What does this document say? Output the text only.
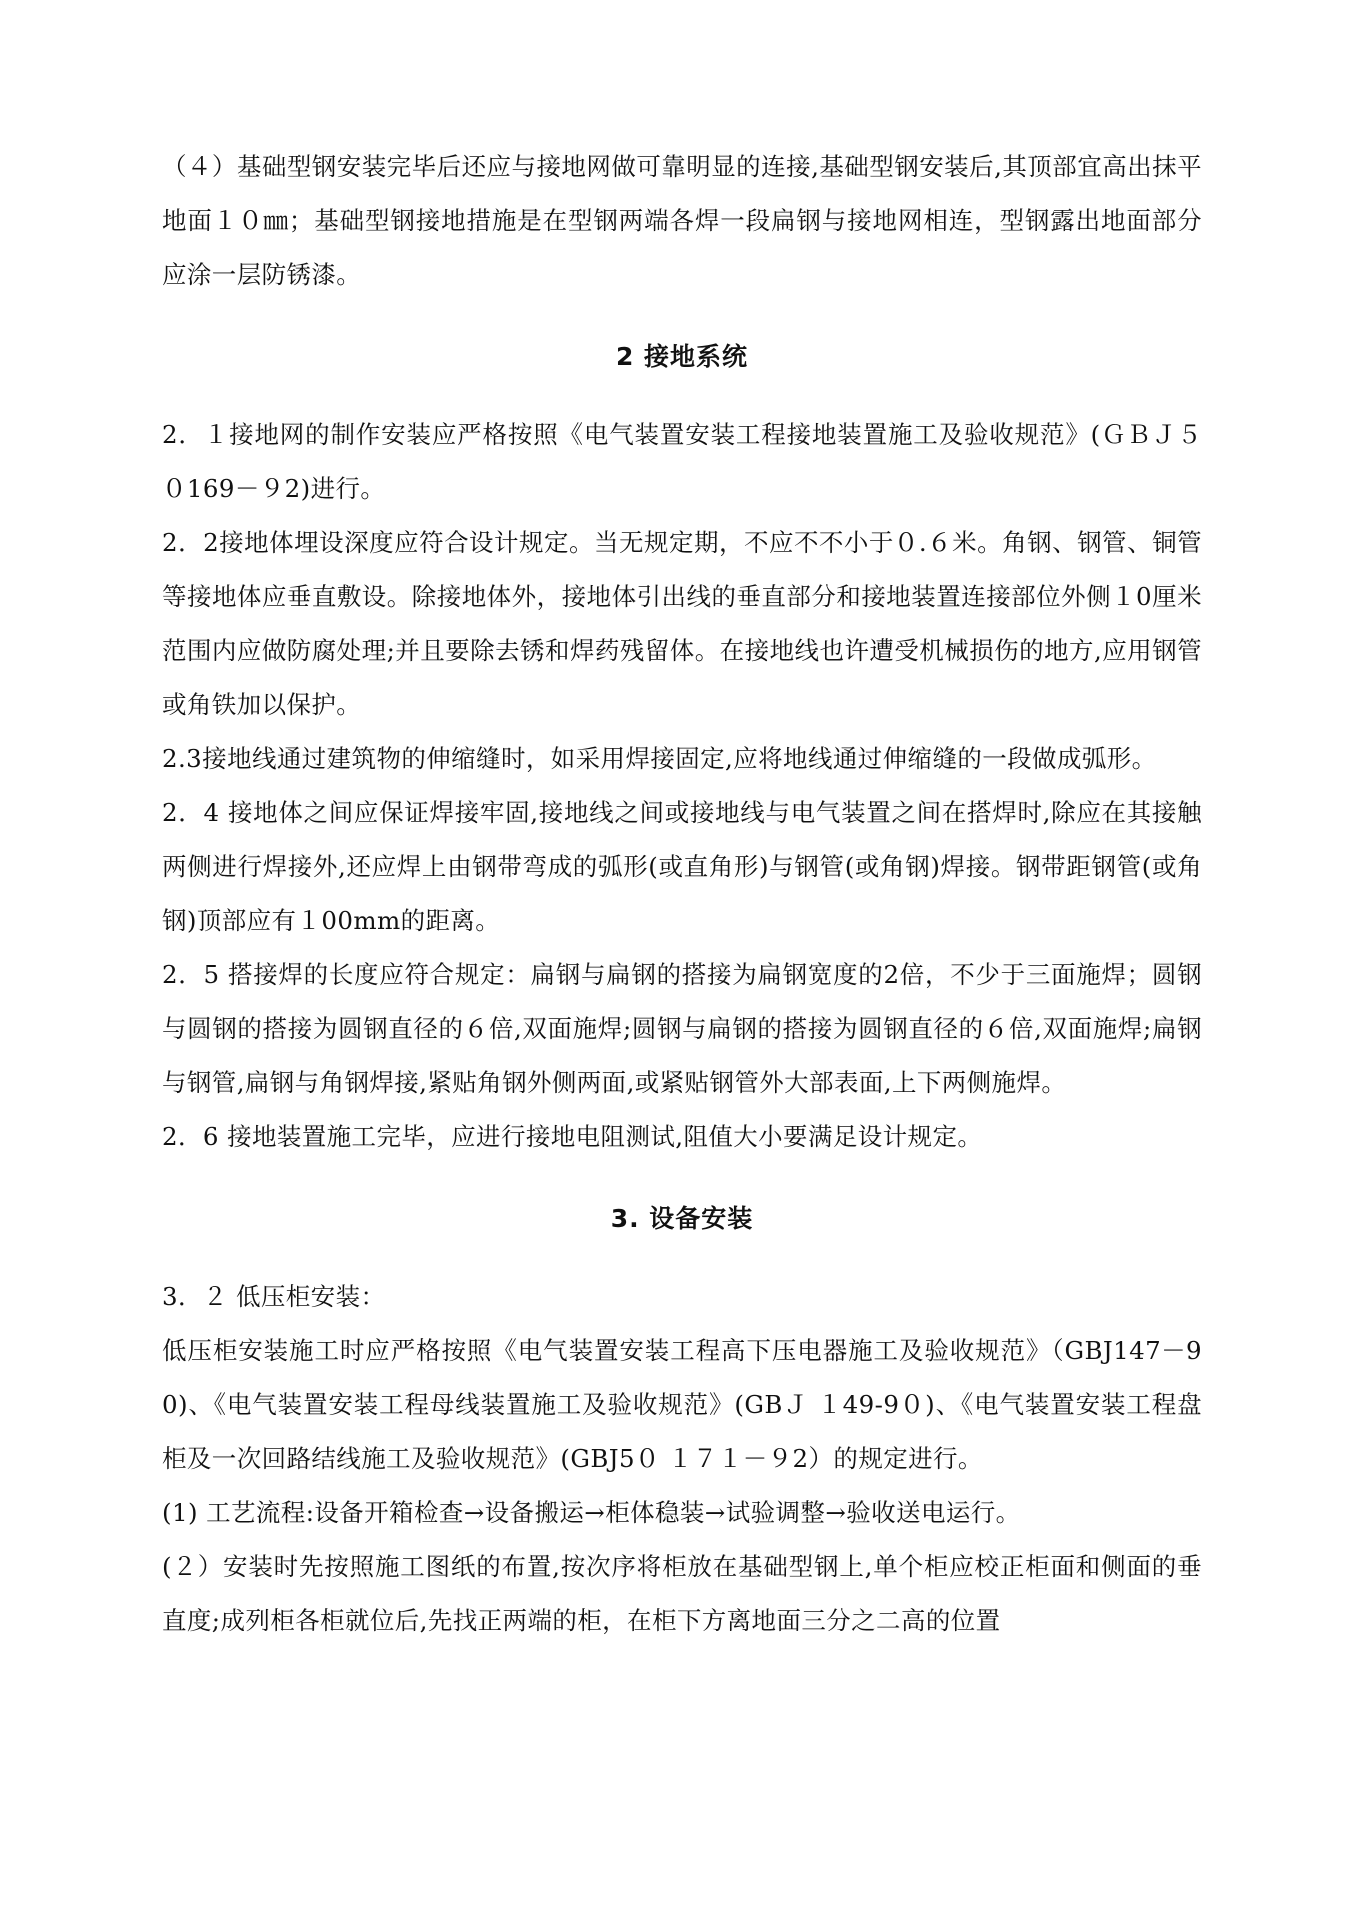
（４）基础型钢安装完毕后还应与接地网做可靠明显的连接,基础型钢安装后,其顶部宜高出抹平地面１０㎜；基础型钢接地措施是在型钢两端各焊一段扁钢与接地网相连，型钢露出地面部分应涂一层防锈漆。

2 接地系统

2．１接地网的制作安装应严格按照《电气装置安装工程接地装置施工及验收规范》(ＧＢＪ５０169－９2)进行。

2．2接地体埋设深度应符合设计规定。当无规定期，不应不不小于０.６米。角钢、钢管、铜管等接地体应垂直敷设。除接地体外，接地体引出线的垂直部分和接地装置连接部位外侧１0厘米范围内应做防腐处理;并且要除去锈和焊药残留体。在接地线也许遭受机械损伤的地方,应用钢管或角铁加以保护。

2.3接地线通过建筑物的伸缩缝时，如采用焊接固定,应将地线通过伸缩缝的一段做成弧形。

2．4 接地体之间应保证焊接牢固,接地线之间或接地线与电气装置之间在搭焊时,除应在其接触两侧进行焊接外,还应焊上由钢带弯成的弧形(或直角形)与钢管(或角钢)焊接。钢带距钢管(或角钢)顶部应有１00mm的距离。

2．5 搭接焊的长度应符合规定：扁钢与扁钢的搭接为扁钢宽度的2倍，不少于三面施焊；圆钢与圆钢的搭接为圆钢直径的６倍,双面施焊;圆钢与扁钢的搭接为圆钢直径的６倍,双面施焊;扁钢与钢管,扁钢与角钢焊接,紧贴角钢外侧两面,或紧贴钢管外大部表面,上下两侧施焊。

2．6 接地装置施工完毕，应进行接地电阻测试,阻值大小要满足设计规定。

3. 设备安装

3．２ 低压柜安装：

低压柜安装施工时应严格按照《电气装置安装工程高下压电器施工及验收规范》（GBJ147－90)、《电气装置安装工程母线装置施工及验收规范》(GBＪ １49-9０)、《电气装置安装工程盘柜及一次回路结线施工及验收规范》(GBJ5０ １７１－９2）的规定进行。

(1) 工艺流程:设备开箱检查→设备搬运→柜体稳装→试验调整→验收送电运行。

(２）安装时先按照施工图纸的布置,按次序将柜放在基础型钢上,单个柜应校正柜面和侧面的垂直度;成列柜各柜就位后,先找正两端的柜，在柜下方离地面三分之二高的位置
